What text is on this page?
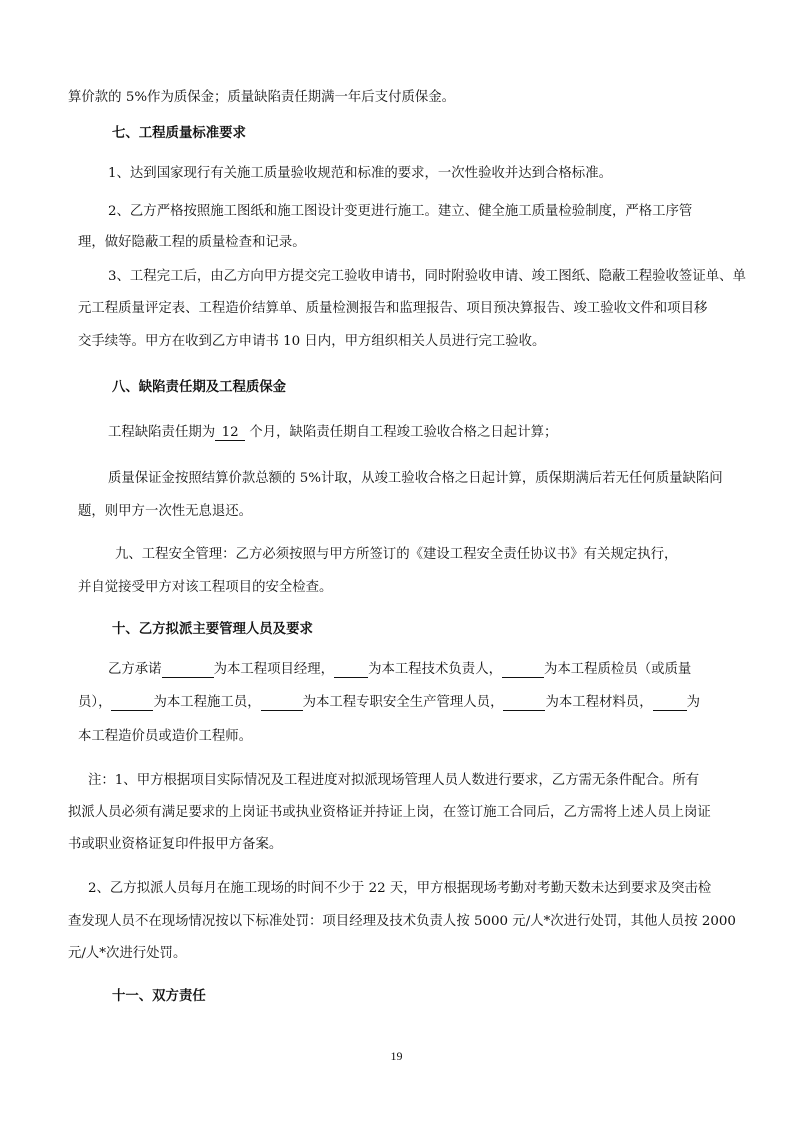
算价款的 5%作为质保金；质量缺陷责任期满一年后支付质保金。
七、工程质量标准要求
1、达到国家现行有关施工质量验收规范和标准的要求，一次性验收并达到合格标准。
2、乙方严格按照施工图纸和施工图设计变更进行施工。建立、健全施工质量检验制度，严格工序管
理，做好隐蔽工程的质量检查和记录。
3、工程完工后，由乙方向甲方提交完工验收申请书，同时附验收申请、竣工图纸、隐蔽工程验收签证单、单
元工程质量评定表、工程造价结算单、质量检测报告和监理报告、项目预决算报告、竣工验收文件和项目移
交手续等。甲方在收到乙方申请书 10 日内，甲方组织相关人员进行完工验收。
八、缺陷责任期及工程质保金
工程缺陷责任期为 12 个月，缺陷责任期自工程竣工验收合格之日起计算；
质量保证金按照结算价款总额的 5%计取，从竣工验收合格之日起计算，质保期满后若无任何质量缺陷问
题，则甲方一次性无息退还。
九、工程安全管理：乙方必须按照与甲方所签订的《建设工程安全责任协议书》有关规定执行，
并自觉接受甲方对该工程项目的安全检查。
十、乙方拟派主要管理人员及要求
乙方承诺	为本工程项目经理，	为本工程技术负责人，	为本工程质检员（或质量
员），	为本工程施工员，	为本工程专职安全生产管理人员，	为本工程材料员，	为
本工程造价员或造价工程师。
注：1、甲方根据项目实际情况及工程进度对拟派现场管理人员人数进行要求，乙方需无条件配合。所有
拟派人员必须有满足要求的上岗证书或执业资格证并持证上岗，在签订施工合同后，乙方需将上述人员上岗证
书或职业资格证复印件报甲方备案。
2、乙方拟派人员每月在施工现场的时间不少于 22 天，甲方根据现场考勤对考勤天数未达到要求及突击检
查发现人员不在现场情况按以下标准处罚：项目经理及技术负责人按 5000 元/人*次进行处罚，其他人员按 2000
元/人*次进行处罚。
十一、双方责任
19
